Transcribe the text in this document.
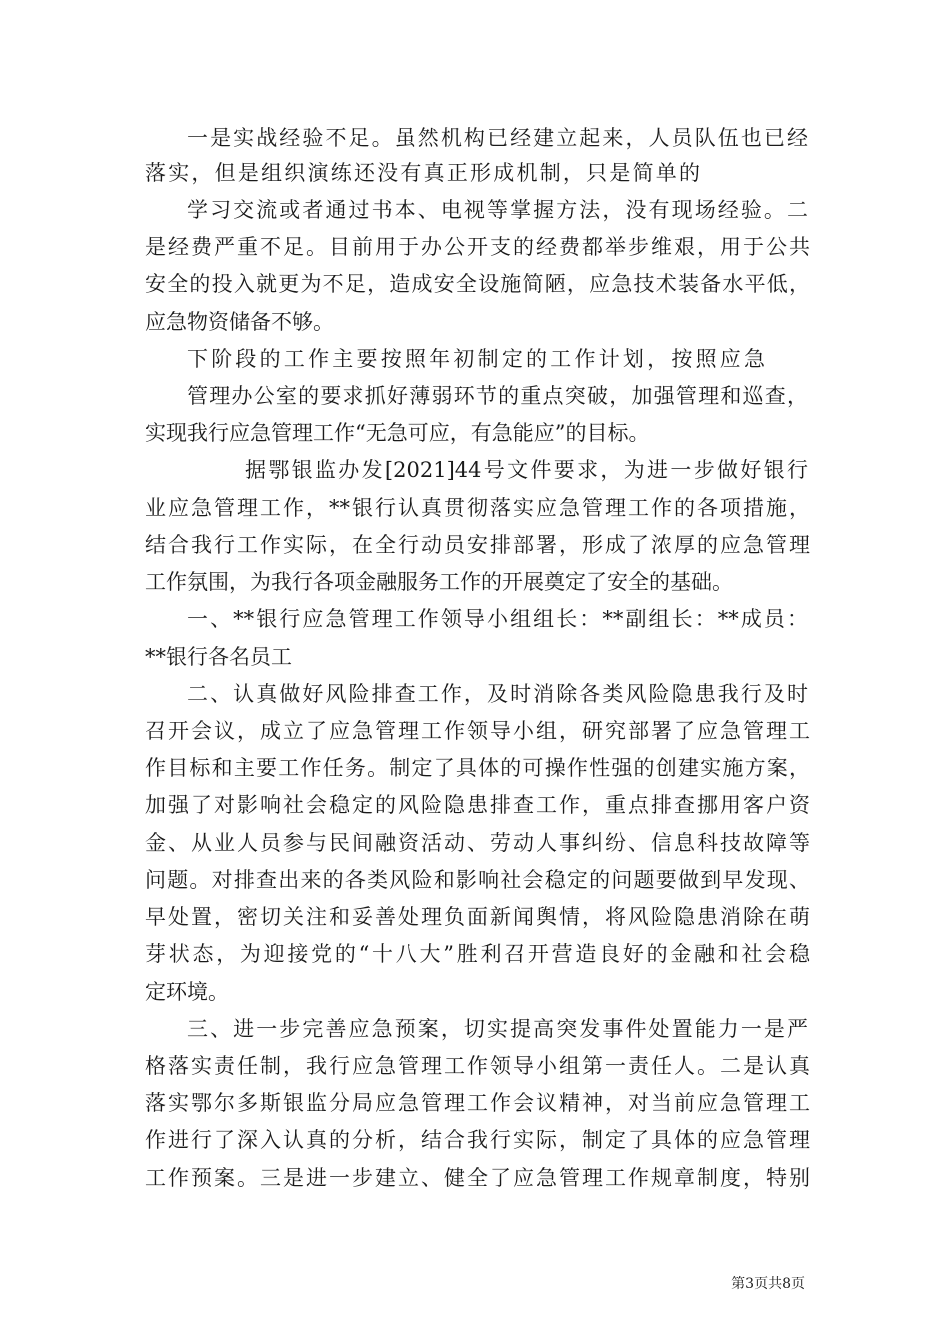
一是实战经验不足。虽然机构已经建立起来，人员队伍也已经
落实，但是组织演练还没有真正形成机制，只是简单的
学习交流或者通过书本、电视等掌握方法，没有现场经验。二
是经费严重不足。目前用于办公开支的经费都举步维艰，用于公共
安全的投入就更为不足，造成安全设施简陋，应急技术装备水平低，
应急物资储备不够。
下阶段的工作主要按照年初制定的工作计划，按照应急
管理办公室的要求抓好薄弱环节的重点突破，加强管理和巡查，
实现我行应急管理工作“无急可应，有急能应”的目标。
据鄂银监办发[2021]44号文件要求，为进一步做好银行
业应急管理工作，**银行认真贯彻落实应急管理工作的各项措施，
结合我行工作实际，在全行动员安排部署，形成了浓厚的应急管理
工作氛围，为我行各项金融服务工作的开展奠定了安全的基础。
一、**银行应急管理工作领导小组组长：**副组长：**成员：
**银行各名员工
二、认真做好风险排查工作，及时消除各类风险隐患我行及时
召开会议，成立了应急管理工作领导小组，研究部署了应急管理工
作目标和主要工作任务。制定了具体的可操作性强的创建实施方案，
加强了对影响社会稳定的风险隐患排查工作，重点排查挪用客户资
金、从业人员参与民间融资活动、劳动人事纠纷、信息科技故障等
问题。对排查出来的各类风险和影响社会稳定的问题要做到早发现、
早处置，密切关注和妥善处理负面新闻舆情，将风险隐患消除在萌
芽状态，为迎接党的“十八大”胜利召开营造良好的金融和社会稳
定环境。
三、进一步完善应急预案，切实提高突发事件处置能力一是严
格落实责任制，我行应急管理工作领导小组第一责任人。二是认真
落实鄂尔多斯银监分局应急管理工作会议精神，对当前应急管理工
作进行了深入认真的分析，结合我行实际，制定了具体的应急管理
工作预案。三是进一步建立、健全了应急管理工作规章制度，特别
第3页共8页
